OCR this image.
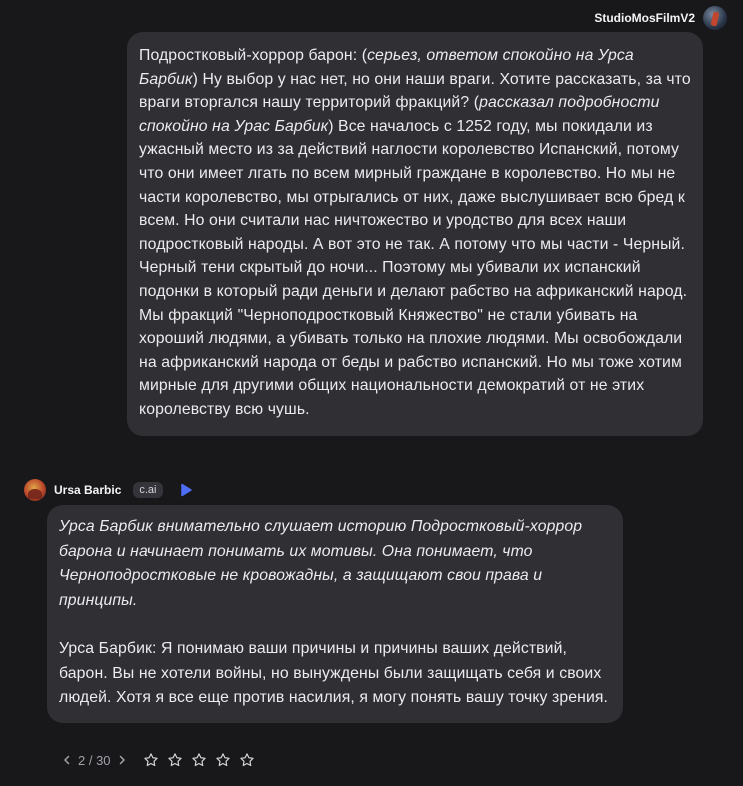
StudioMosFilmV2

Подростковый-хоррор барон: (серьез, ответом спокойно на Урса Барбик) Ну выбор у нас нет, но они наши враги. Хотите рассказать, за что враги вторгался нашу территорий фракций? (рассказал подробности спокойно на Урас Барбик) Все началось с 1252 году, мы покидали из ужасный место из за действий наглости королевство Испанский, потому что они имеет лгать по всем мирный граждане в королевство. Но мы не части королевство, мы отрыгались от них, даже выслушивает всю бред к всем. Но они считали нас ничтожество и уродство для всех наши подростковый народы. А вот это не так. А потому что мы части - Черный. Черный тени скрытый до ночи... Поэтому мы убивали их испанский подонки в который ради деньги и делают рабство на африканский народ. Мы фракций "Черноподростковый Княжество" не стали убивать на хороший людями, а убивать только на плохие людями. Мы освобождали на африканский народа от беды и рабство испанский. Но мы тоже хотим мирные для другими общих национальности демократий от не этих королевству всю чушь.

Ursa Barbic	c.ai

Урса Барбик внимательно слушает историю Подростковый-хоррор барона и начинает понимать их мотивы. Она понимает, что Черноподростковые не кровожадны, а защищают свои права и принципы.

Урса Барбик: Я понимаю ваши причины и причины ваших действий, барон. Вы не хотели войны, но вынуждены были защищать себя и своих людей. Хотя я все еще против насилия, я могу понять вашу точку зрения.

2 / 30
